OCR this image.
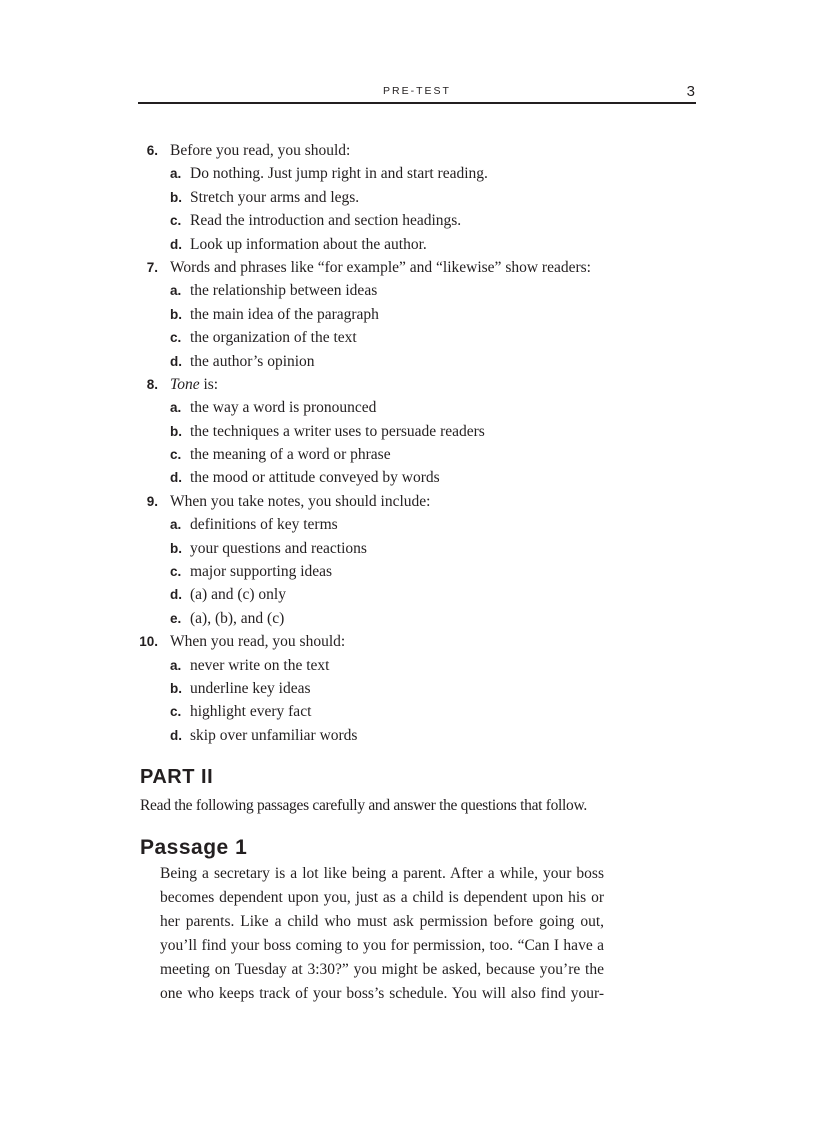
PRE-TEST	3
6. Before you read, you should:
a. Do nothing. Just jump right in and start reading.
b. Stretch your arms and legs.
c. Read the introduction and section headings.
d. Look up information about the author.
7. Words and phrases like “for example” and “likewise” show readers:
a. the relationship between ideas
b. the main idea of the paragraph
c. the organization of the text
d. the author’s opinion
8. Tone is:
a. the way a word is pronounced
b. the techniques a writer uses to persuade readers
c. the meaning of a word or phrase
d. the mood or attitude conveyed by words
9. When you take notes, you should include:
a. definitions of key terms
b. your questions and reactions
c. major supporting ideas
d. (a) and (c) only
e. (a), (b), and (c)
10. When you read, you should:
a. never write on the text
b. underline key ideas
c. highlight every fact
d. skip over unfamiliar words
PART II
Read the following passages carefully and answer the questions that follow.
Passage 1
Being a secretary is a lot like being a parent. After a while, your boss
becomes dependent upon you, just as a child is dependent upon his or
her parents. Like a child who must ask permission before going out,
you’ll find your boss coming to you for permission, too. “Can I have a
meeting on Tuesday at 3:30?” you might be asked, because you’re the
one who keeps track of your boss’s schedule. You will also find your-
